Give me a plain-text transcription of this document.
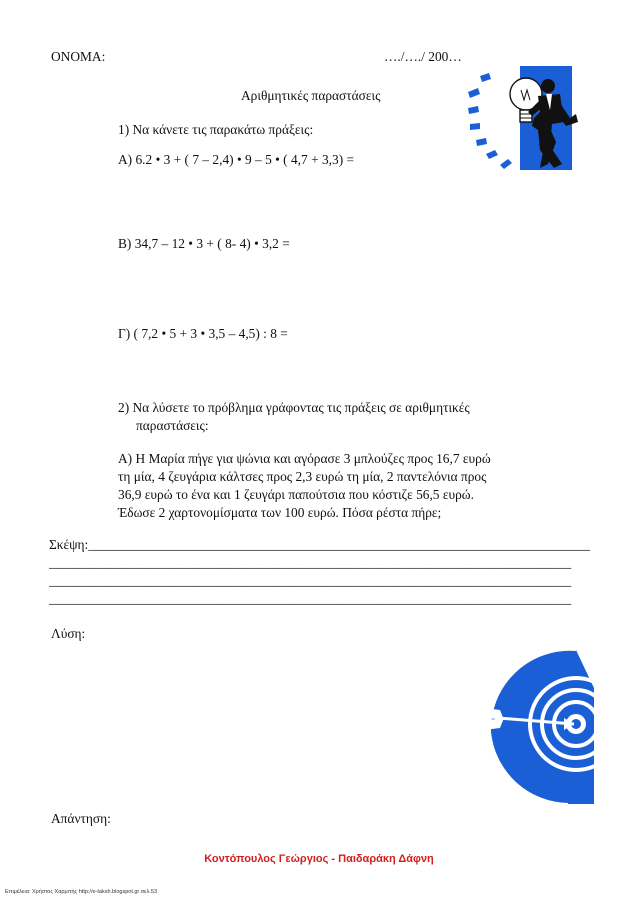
ΟΝΟΜΑ:	…./…./ 200…
Αριθμητικές παραστάσεις
1) Να κάνετε τις παρακάτω πράξεις:
Α) 6.2 • 3 + ( 7 – 2,4) • 9 – 5 • ( 4,7 + 3,3) =
Β) 34,7 – 12 • 3 + ( 8- 4) • 3,2 =
Γ) ( 7,2 • 5 + 3 • 3,5 – 4,5) : 8 =
2) Να λύσετε το πρόβλημα γράφοντας τις πράξεις σε αριθμητικές
παραστάσεις:
Α) Η Μαρία πήγε για ψώνια και αγόρασε 3 μπλούζες προς 16,7 ευρώ
τη μία, 4 ζευγάρια κάλτσες προς 2,3 ευρώ τη μία, 2 παντελόνια προς
36,9 ευρώ το ένα και 1 ζευγάρι παπούτσια που κόστιζε 56,5 ευρώ.
Έδωσε 2 χαρτονομίσματα των 100 ευρώ. Πόσα ρέστα πήρε;
Σκέψη:___________________________________________________________________________
______________________________________________________________________________
______________________________________________________________________________
______________________________________________________________________________
Λύση:
Απάντηση:
Κοντόπουλος Γεώργιος - Παιδαράκη Δάφνη
Επιμέλεια: Χρήστος Χαρμπής http://e-taksh.blogspot.gr σελ.53
